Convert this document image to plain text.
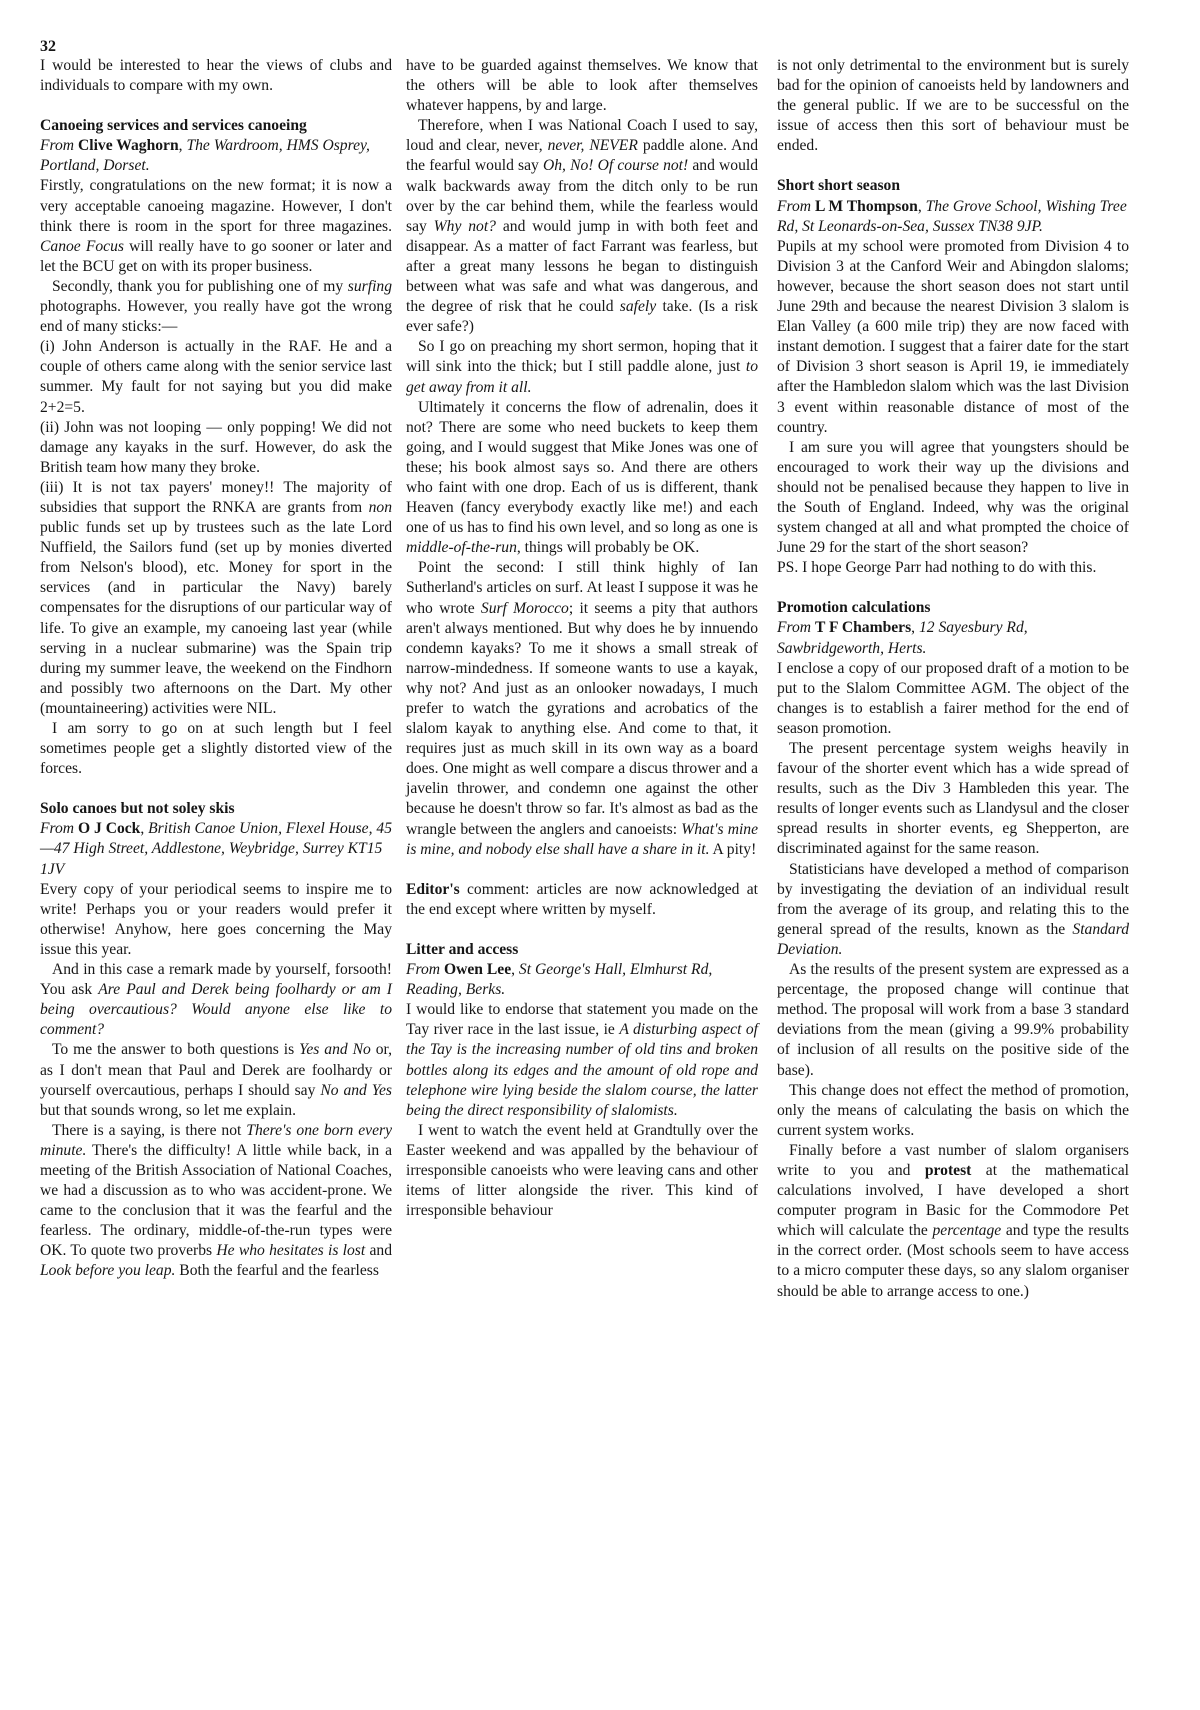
32

I would be interested to hear the views of clubs and individuals to compare with my own.

Canoeing services and services canoeing

From Clive Waghorn, The Wardroom, HMS Osprey, Portland, Dorset.

Firstly, congratulations on the new format; it is now a very acceptable canoeing magazine. However, I don't think there is room in the sport for three magazines. Canoe Focus will really have to go sooner or later and let the BCU get on with its proper business.

Secondly, thank you for publishing one of my surfing photographs. However, you really have got the wrong end of many sticks:—

(i) John Anderson is actually in the RAF. He and a couple of others came along with the senior service last summer. My fault for not saying but you did make 2+2=5.

(ii) John was not looping — only popping! We did not damage any kayaks in the surf. However, do ask the British team how many they broke.

(iii) It is not tax payers' money!! The majority of subsidies that support the RNKA are grants from non public funds set up by trustees such as the late Lord Nuffield, the Sailors fund (set up by monies diverted from Nelson's blood), etc. Money for sport in the services (and in particular the Navy) barely compensates for the disruptions of our particular way of life. To give an example, my canoeing last year (while serving in a nuclear submarine) was the Spain trip during my summer leave, the weekend on the Findhorn and possibly two afternoons on the Dart. My other (mountaineering) activities were NIL.

I am sorry to go on at such length but I feel sometimes people get a slightly distorted view of the forces.

Solo canoes but not soley skis

From O J Cock, British Canoe Union, Flexel House, 45—47 High Street, Addlestone, Weybridge, Surrey KT15 1JV

Every copy of your periodical seems to inspire me to write! Perhaps you or your readers would prefer it otherwise! Anyhow, here goes concerning the May issue this year.

And in this case a remark made by yourself, forsooth! You ask Are Paul and Derek being foolhardy or am I being overcautious? Would anyone else like to comment?

To me the answer to both questions is Yes and No or, as I don't mean that Paul and Derek are foolhardy or yourself overcautious, perhaps I should say No and Yes but that sounds wrong, so let me explain.

There is a saying, is there not There's one born every minute. There's the difficulty! A little while back, in a meeting of the British Association of National Coaches, we had a discussion as to who was accident-prone. We came to the conclusion that it was the fearful and the fearless. The ordinary, middle-of-the-run types were OK. To quote two proverbs He who hesitates is lost and Look before you leap. Both the fearful and the fearless

have to be guarded against themselves. We know that the others will be able to look after themselves whatever happens, by and large.

Therefore, when I was National Coach I used to say, loud and clear, never, never, NEVER paddle alone. And the fearful would say Oh, No! Of course not! and would walk backwards away from the ditch only to be run over by the car behind them, while the fearless would say Why not? and would jump in with both feet and disappear. As a matter of fact Farrant was fearless, but after a great many lessons he began to distinguish between what was safe and what was dangerous, and the degree of risk that he could safely take. (Is a risk ever safe?)

So I go on preaching my short sermon, hoping that it will sink into the thick; but I still paddle alone, just to get away from it all.

Ultimately it concerns the flow of adrenalin, does it not? There are some who need buckets to keep them going, and I would suggest that Mike Jones was one of these; his book almost says so. And there are others who faint with one drop. Each of us is different, thank Heaven (fancy everybody exactly like me!) and each one of us has to find his own level, and so long as one is middle-of-the-run, things will probably be OK.

Point the second: I still think highly of Ian Sutherland's articles on surf. At least I suppose it was he who wrote Surf Morocco; it seems a pity that authors aren't always mentioned. But why does he by innuendo condemn kayaks? To me it shows a small streak of narrow-mindedness. If someone wants to use a kayak, why not? And just as an onlooker nowadays, I much prefer to watch the gyrations and acrobatics of the slalom kayak to anything else. And come to that, it requires just as much skill in its own way as a board does. One might as well compare a discus thrower and a javelin thrower, and condemn one against the other because he doesn't throw so far. It's almost as bad as the wrangle between the anglers and canoeists: What's mine is mine, and nobody else shall have a share in it. A pity!

Editor's comment: articles are now acknowledged at the end except where written by myself.

Litter and access

From Owen Lee, St George's Hall, Elmhurst Rd, Reading, Berks.

I would like to endorse that statement you made on the Tay river race in the last issue, ie A disturbing aspect of the Tay is the increasing number of old tins and broken bottles along its edges and the amount of old rope and telephone wire lying beside the slalom course, the latter being the direct responsibility of slalomists.

I went to watch the event held at Grandtully over the Easter weekend and was appalled by the behaviour of irresponsible canoeists who were leaving cans and other items of litter alongside the river. This kind of irresponsible behaviour

is not only detrimental to the environment but is surely bad for the opinion of canoeists held by landowners and the general public. If we are to be successful on the issue of access then this sort of behaviour must be ended.

Short short season

From L M Thompson, The Grove School, Wishing Tree Rd, St Leonards-on-Sea, Sussex TN38 9JP.

Pupils at my school were promoted from Division 4 to Division 3 at the Canford Weir and Abingdon slaloms; however, because the short season does not start until June 29th and because the nearest Division 3 slalom is Elan Valley (a 600 mile trip) they are now faced with instant demotion. I suggest that a fairer date for the start of Division 3 short season is April 19, ie immediately after the Hambledon slalom which was the last Division 3 event within reasonable distance of most of the country.

I am sure you will agree that youngsters should be encouraged to work their way up the divisions and should not be penalised because they happen to live in the South of England. Indeed, why was the original system changed at all and what prompted the choice of June 29 for the start of the short season?

PS. I hope George Parr had nothing to do with this.

Promotion calculations

From T F Chambers, 12 Sayesbury Rd, Sawbridgeworth, Herts.

I enclose a copy of our proposed draft of a motion to be put to the Slalom Committee AGM. The object of the changes is to establish a fairer method for the end of season promotion.

The present percentage system weighs heavily in favour of the shorter event which has a wide spread of results, such as the Div 3 Hambleden this year. The results of longer events such as Llandysul and the closer spread results in shorter events, eg Shepperton, are discriminated against for the same reason.

Statisticians have developed a method of comparison by investigating the deviation of an individual result from the average of its group, and relating this to the general spread of the results, known as the Standard Deviation.

As the results of the present system are expressed as a percentage, the proposed change will continue that method. The proposal will work from a base 3 standard deviations from the mean (giving a 99.9% probability of inclusion of all results on the positive side of the base).

This change does not effect the method of promotion, only the means of calculating the basis on which the current system works.

Finally before a vast number of slalom organisers write to you and protest at the mathematical calculations involved, I have developed a short computer program in Basic for the Commodore Pet which will calculate the percentage and type the results in the correct order. (Most schools seem to have access to a micro computer these days, so any slalom organiser should be able to arrange access to one.)
